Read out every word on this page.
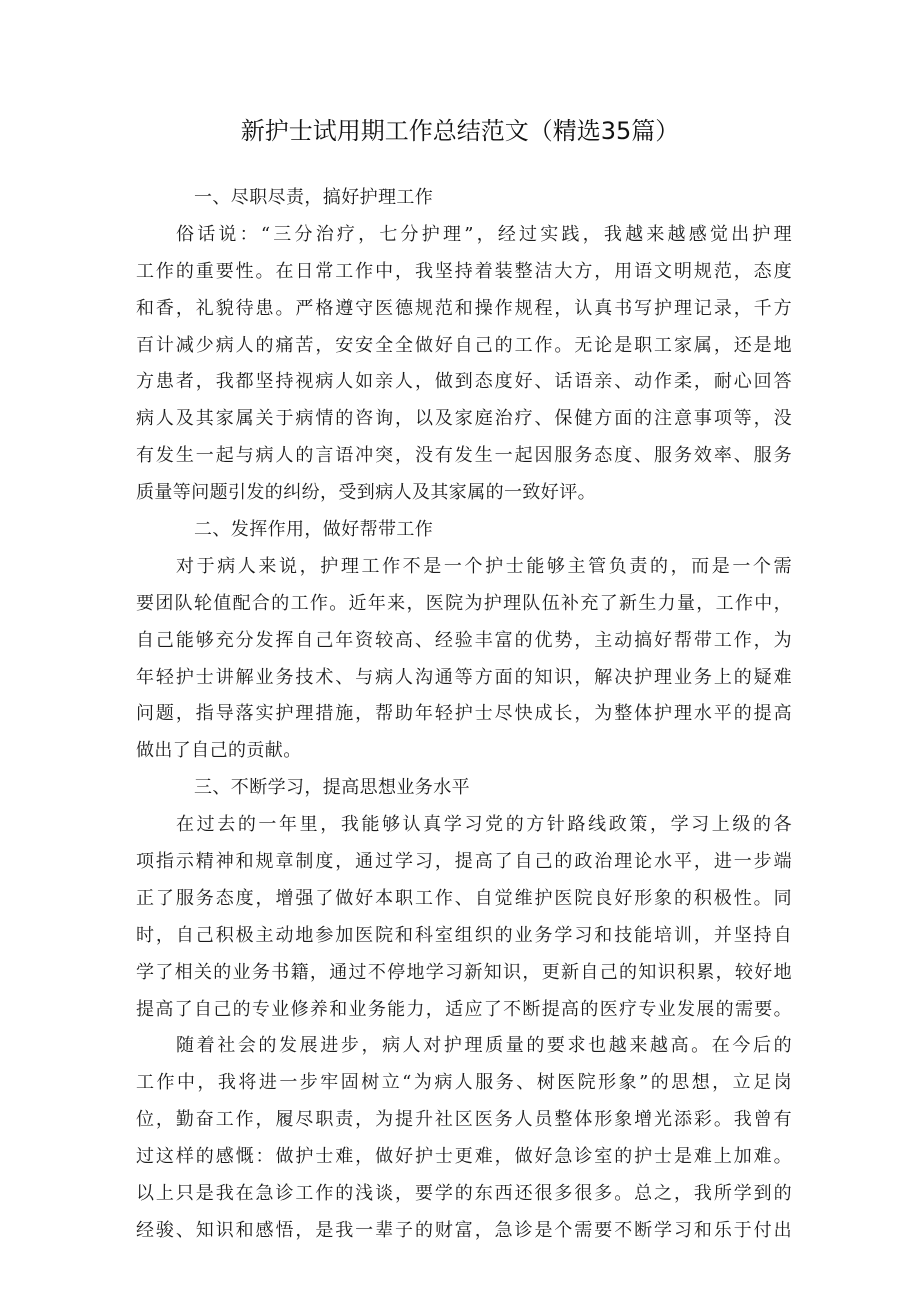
新护士试用期工作总结范文（精选35篇）
一、尽职尽责，搞好护理工作
俗话说：“三分治疗，七分护理”，经过实践，我越来越感觉出护理
工作的重要性。在日常工作中，我坚持着装整洁大方，用语文明规范，态度
和香，礼貌待患。严格遵守医德规范和操作规程，认真书写护理记录，千方
百计减少病人的痛苦，安安全全做好自己的工作。无论是职工家属，还是地
方患者，我都坚持视病人如亲人，做到态度好、话语亲、动作柔，耐心回答
病人及其家属关于病情的咨询，以及家庭治疗、保健方面的注意事项等，没
有发生一起与病人的言语冲突，没有发生一起因服务态度、服务效率、服务
质量等问题引发的纠纷，受到病人及其家属的一致好评。
二、发挥作用，做好帮带工作
对于病人来说，护理工作不是一个护士能够主管负责的，而是一个需
要团队轮值配合的工作。近年来，医院为护理队伍补充了新生力量，工作中，
自己能够充分发挥自己年资较高、经验丰富的优势，主动搞好帮带工作，为
年轻护士讲解业务技术、与病人沟通等方面的知识，解决护理业务上的疑难
问题，指导落实护理措施，帮助年轻护士尽快成长，为整体护理水平的提高
做出了自己的贡献。
三、不断学习，提高思想业务水平
在过去的一年里，我能够认真学习党的方针路线政策，学习上级的各
项指示精神和规章制度，通过学习，提高了自己的政治理论水平，进一步端
正了服务态度，增强了做好本职工作、自觉维护医院良好形象的积极性。同
时，自己积极主动地参加医院和科室组织的业务学习和技能培训，并坚持自
学了相关的业务书籍，通过不停地学习新知识，更新自己的知识积累，较好地
提高了自己的专业修养和业务能力，适应了不断提高的医疗专业发展的需要。
随着社会的发展进步，病人对护理质量的要求也越来越高。在今后的
工作中，我将进一步牢固树立“为病人服务、树医院形象”的思想，立足岗
位，勤奋工作，履尽职责，为提升社区医务人员整体形象增光添彩。我曾有
过这样的感慨：做护士难，做好护士更难，做好急诊室的护士是难上加难。
以上只是我在急诊工作的浅谈，要学的东西还很多很多。总之，我所学到的
经骏、知识和感悟，是我一辈子的财富，急诊是个需要不断学习和乐于付出
